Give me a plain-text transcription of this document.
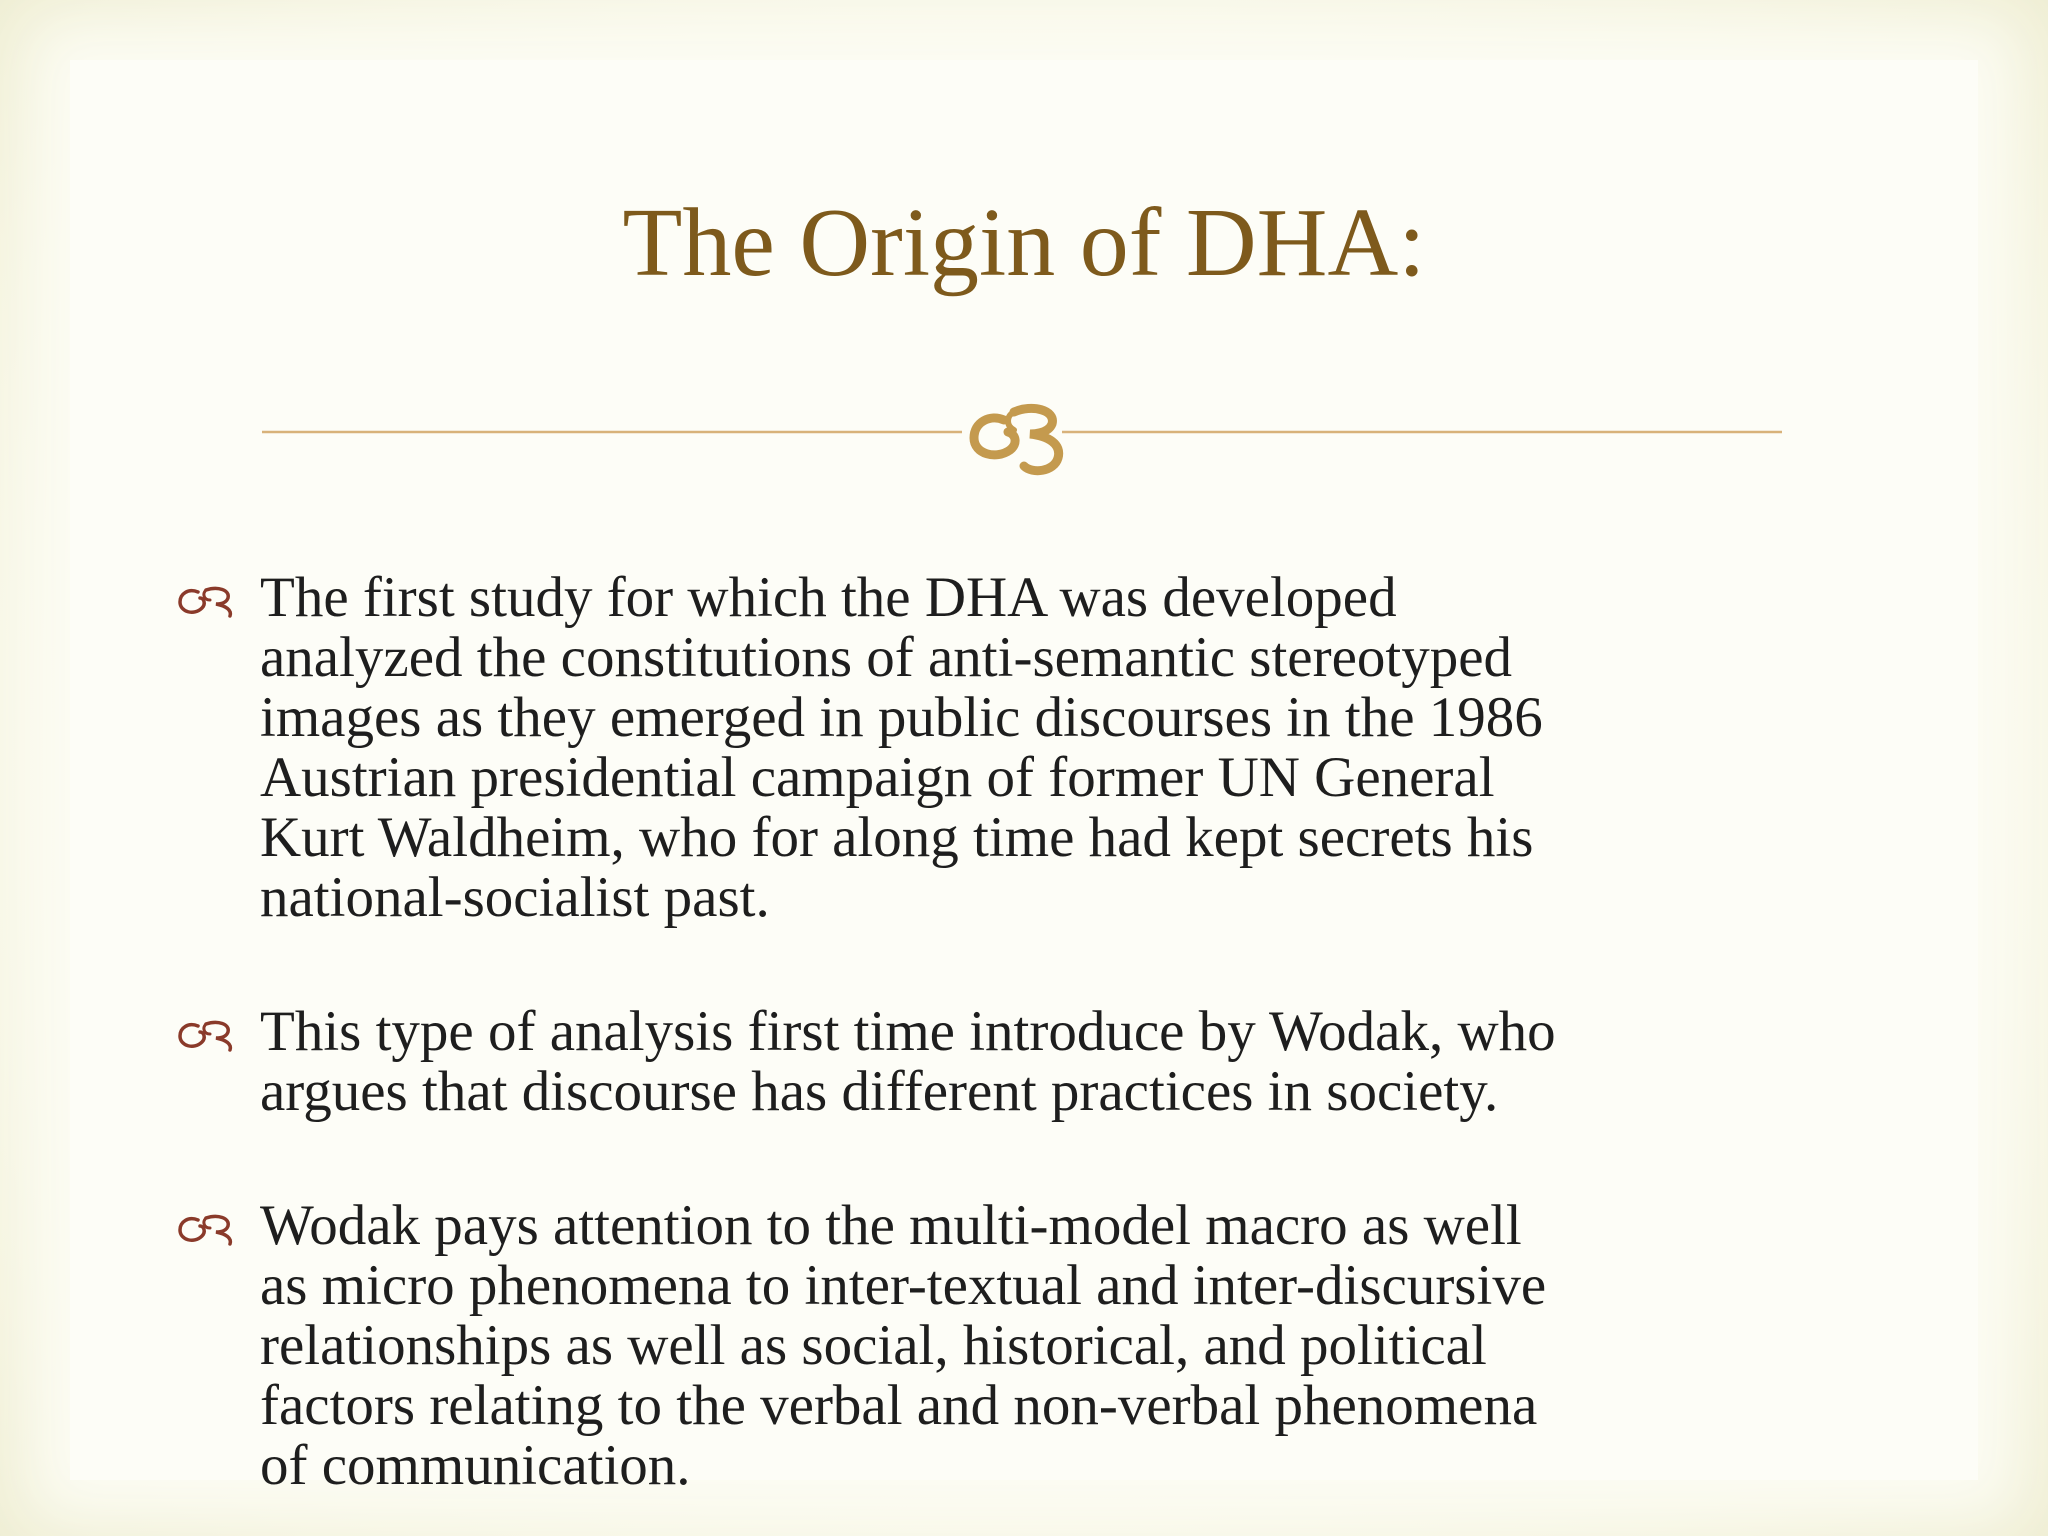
The Origin of DHA:

The first study for which the DHA was developed
analyzed the constitutions of anti-semantic stereotyped
images as they emerged in public discourses in the 1986
Austrian presidential campaign of former UN General
Kurt Waldheim, who for along time had kept secrets his
national-socialist past.

This type of analysis first time introduce by Wodak, who
argues that discourse has different practices in society.

Wodak pays attention to the multi-model macro as well
as micro phenomena to inter-textual and inter-discursive
relationships as well as social, historical, and political
factors relating to the verbal and non-verbal phenomena
of communication.
